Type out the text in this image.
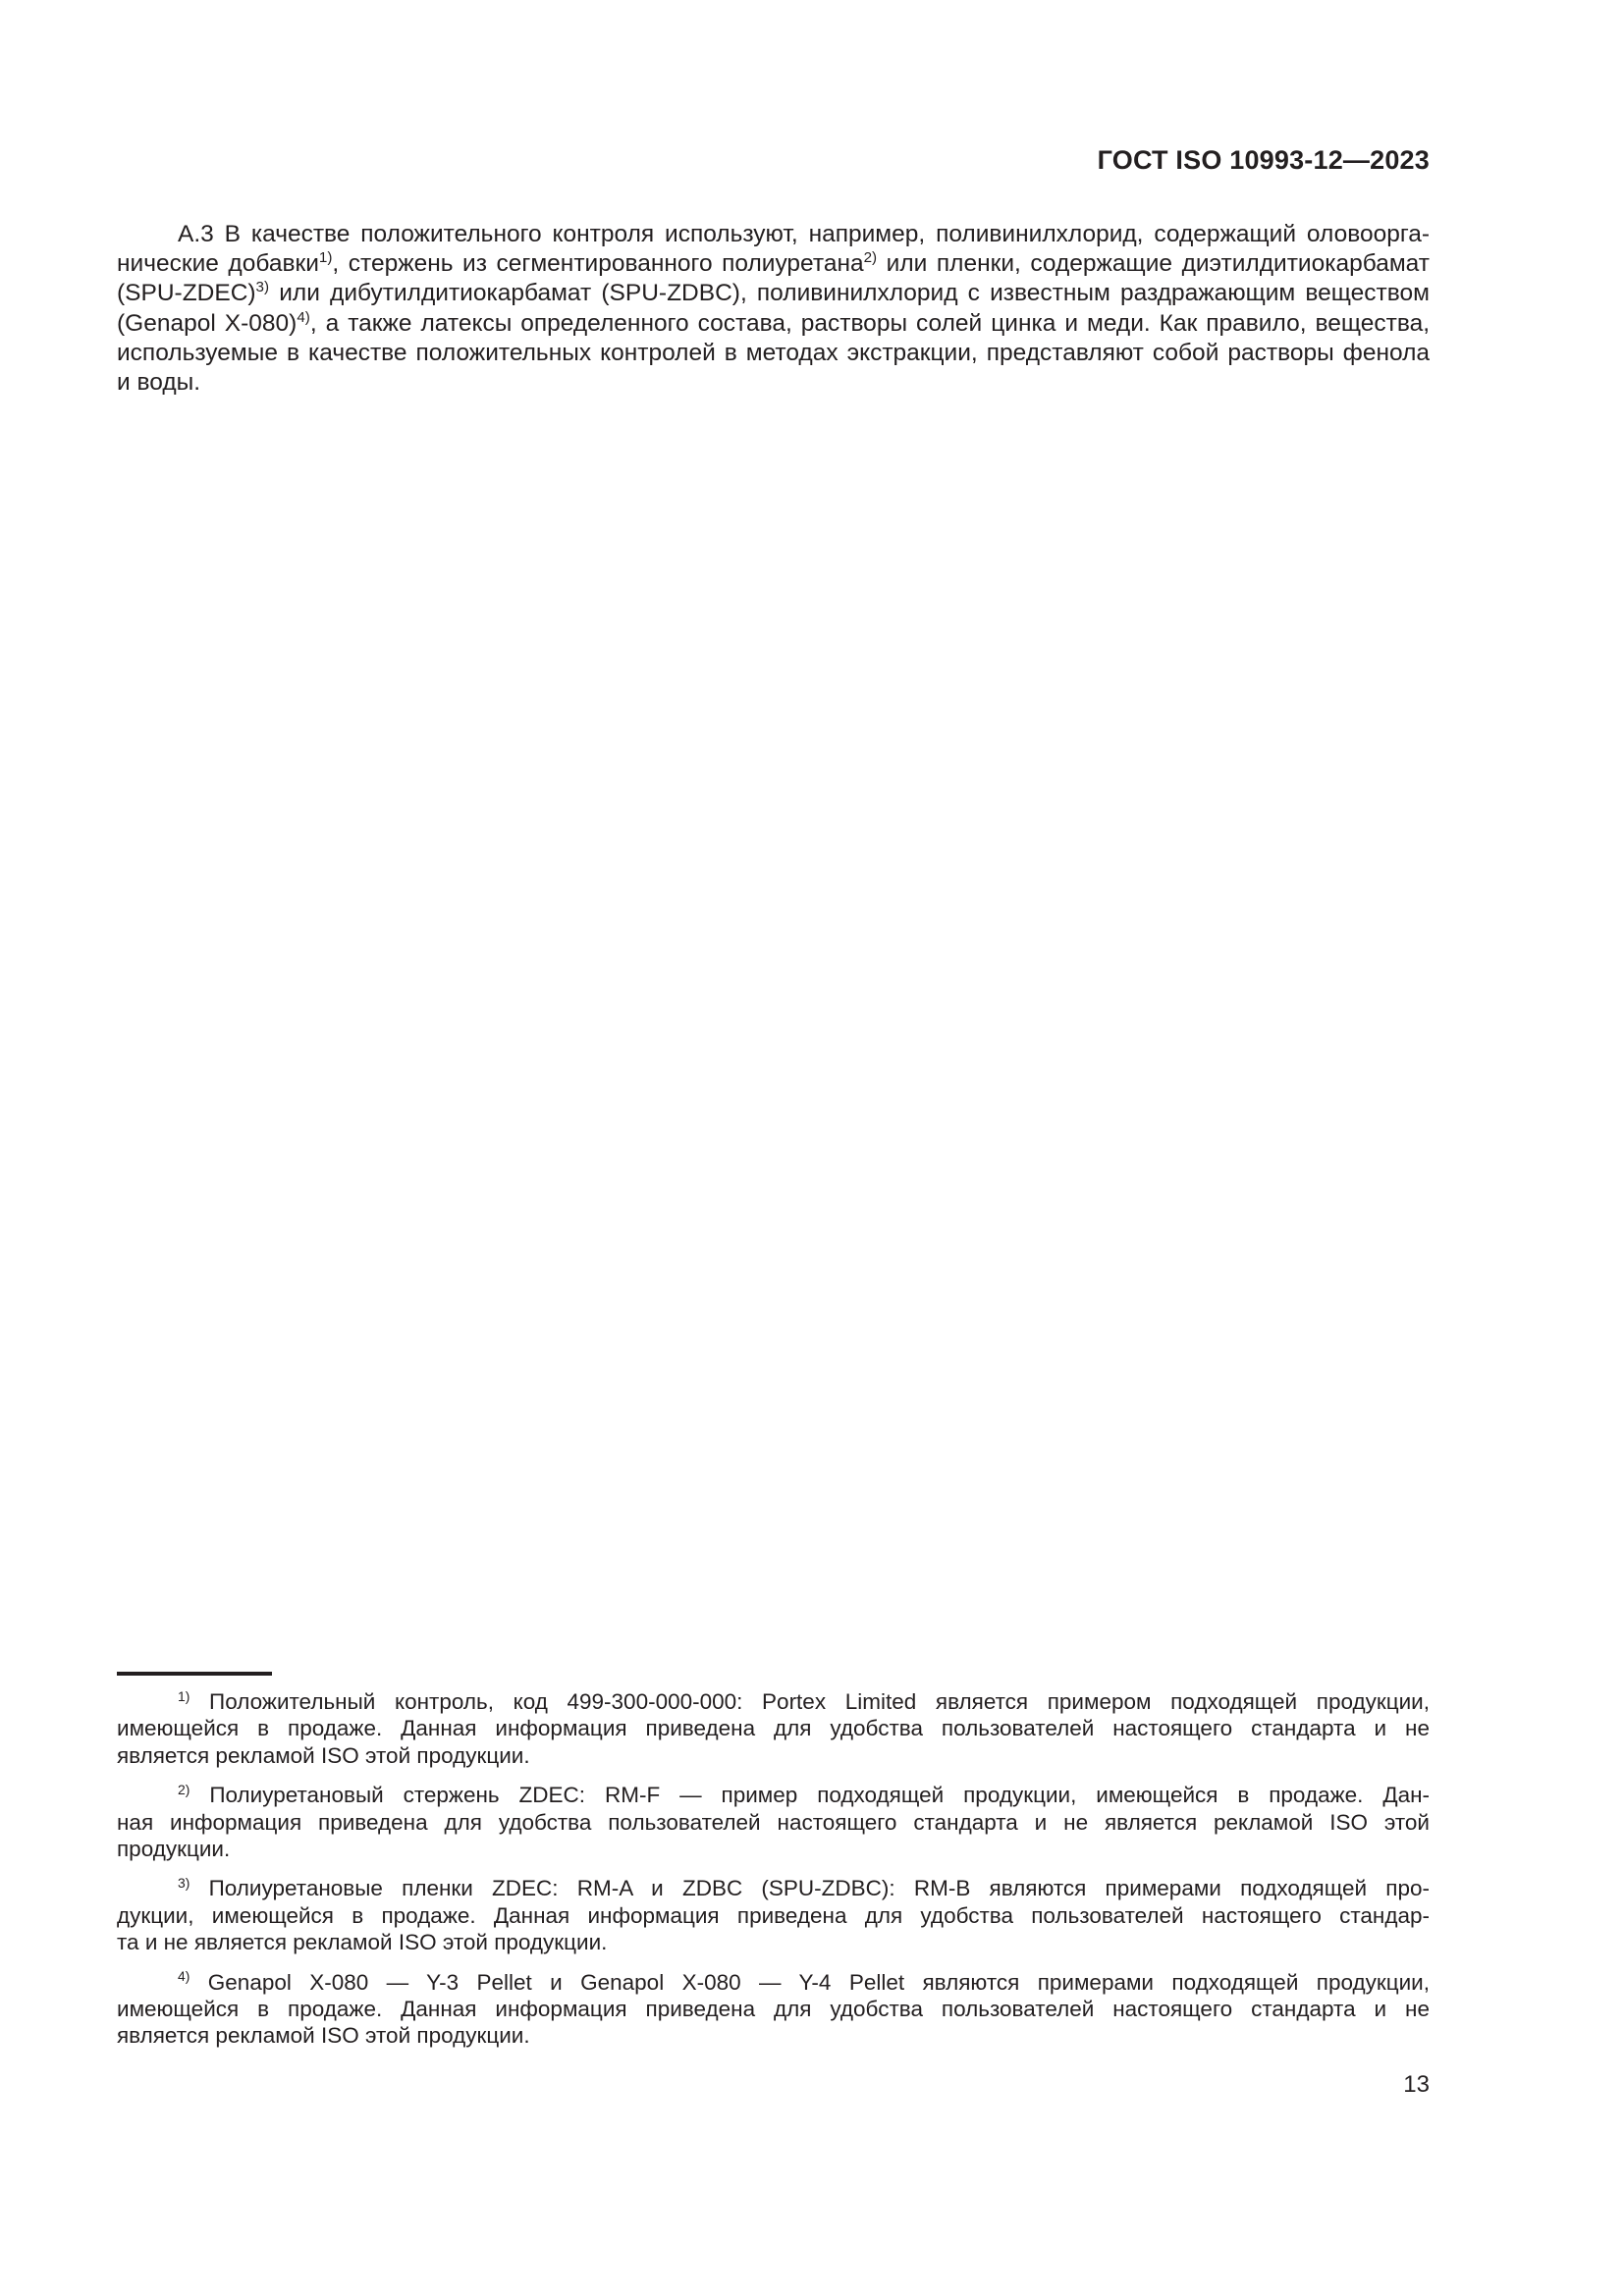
ГОСТ ISO 10993-12—2023
А.3 В качестве положительного контроля используют, например, поливинилхлорид, содержащий оловоорга-
нические добавки$^{1)}$, стержень из сегментированного полиуретана$^{2)}$ или пленки, содержащие диэтилдитиокарбамат
(SPU-ZDEC)$^{3)}$ или дибутилдитиокарбамат (SPU-ZDBC), поливинилхлорид с известным раздражающим веществом
(Genapol X-080)$^{4)}$, а также латексы определенного состава, растворы солей цинка и меди. Как правило, вещества,
используемые в качестве положительных контролей в методах экстракции, представляют собой растворы фенола
и воды.
$^{1)}$ Положительный контроль, код 499-300-000-000: Portex Limited является примером подходящей продукции,
имеющейся в продаже. Данная информация приведена для удобства пользователей настоящего стандарта и не
является рекламой ISO этой продукции.
$^{2)}$ Полиуретановый стержень ZDEC: RM-F — пример подходящей продукции, имеющейся в продаже. Дан-
ная информация приведена для удобства пользователей настоящего стандарта и не является рекламой ISO этой
продукции.
$^{3)}$ Полиуретановые пленки ZDEC: RM-A и ZDBC (SPU-ZDBC): RM-B являются примерами подходящей про-
дукции, имеющейся в продаже. Данная информация приведена для удобства пользователей настоящего стандар-
та и не является рекламой ISO этой продукции.
$^{4)}$ Genapol X-080 — Y-3 Pellet и Genapol X-080 — Y-4 Pellet являются примерами подходящей продукции,
имеющейся в продаже. Данная информация приведена для удобства пользователей настоящего стандарта и не
является рекламой ISO этой продукции.
13
